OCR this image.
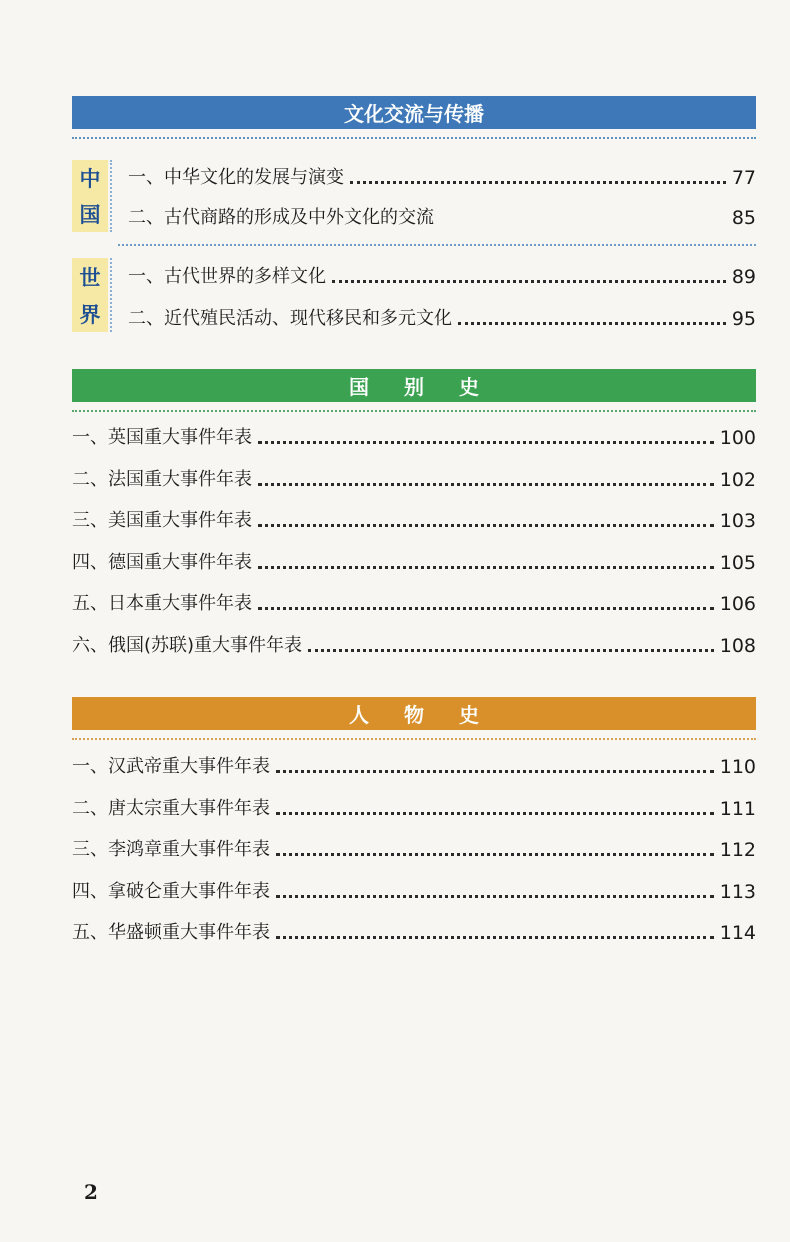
文化交流与传播
中
国
一、中华文化的发展与演变	77
二、古代商路的形成及中外文化的交流	85
世
界
一、古代世界的多样文化	89
二、近代殖民活动、现代移民和多元文化	95
国 别 史
一、英国重大事件年表	100
二、法国重大事件年表	102
三、美国重大事件年表	103
四、德国重大事件年表	105
五、日本重大事件年表	106
六、俄国(苏联)重大事件年表	108
人 物 史
一、汉武帝重大事件年表	110
二、唐太宗重大事件年表	111
三、李鸿章重大事件年表	112
四、拿破仑重大事件年表	113
五、华盛顿重大事件年表	114
2
